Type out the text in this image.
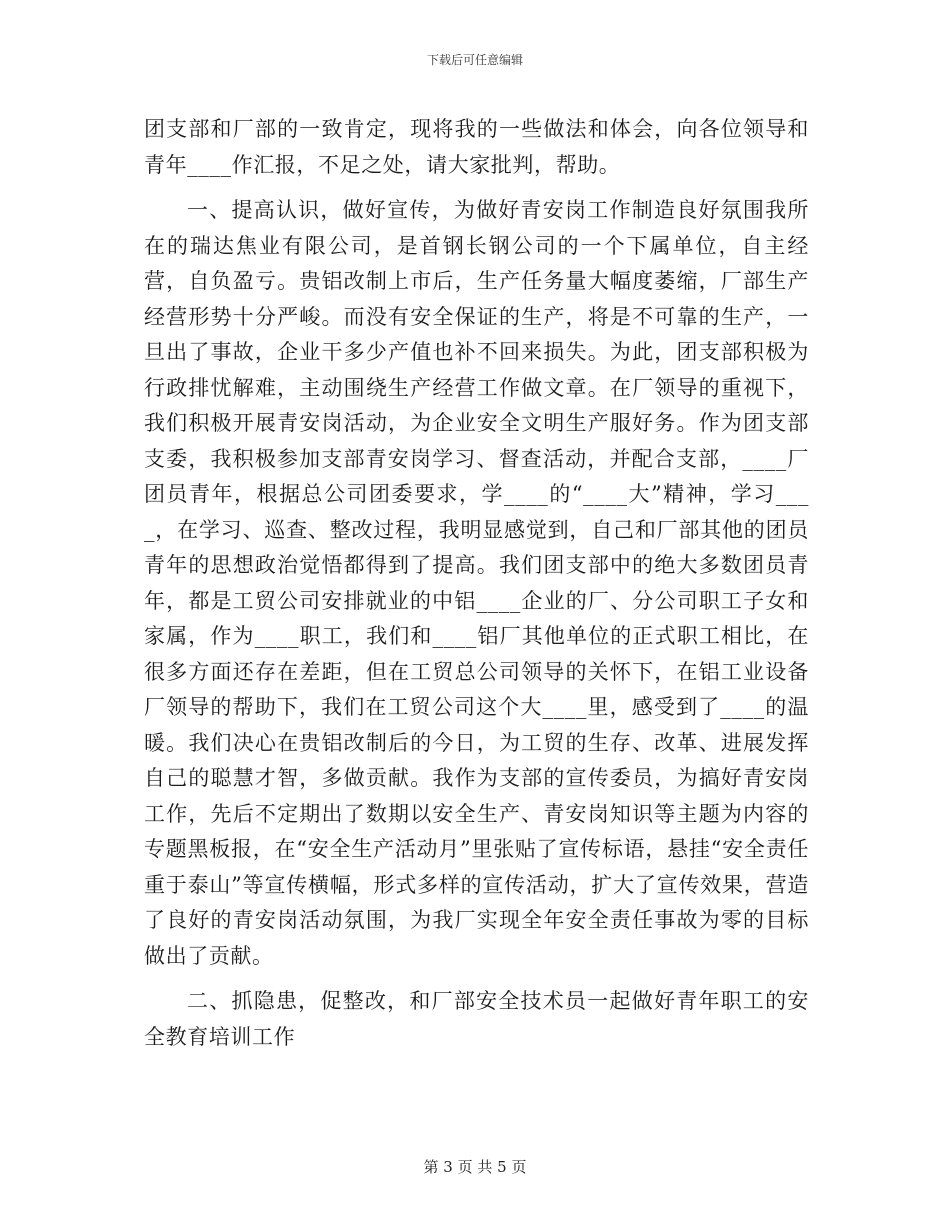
下载后可任意编辑

团支部和厂部的一致肯定，现将我的一些做法和体会，向各位领导和青年____作汇报，不足之处，请大家批判，帮助。

一、提高认识，做好宣传，为做好青安岗工作制造良好氛围我所在的瑞达焦业有限公司，是首钢长钢公司的一个下属单位，自主经营，自负盈亏。贵铝改制上市后，生产任务量大幅度萎缩，厂部生产经营形势十分严峻。而没有安全保证的生产，将是不可靠的生产，一旦出了事故，企业干多少产值也补不回来损失。为此，团支部积极为行政排忧解难，主动围绕生产经营工作做文章。在厂领导的重视下，我们积极开展青安岗活动，为企业安全文明生产服好务。作为团支部支委，我积极参加支部青安岗学习、督查活动，并配合支部，____厂团员青年，根据总公司团委要求，学____的“____大”精神，学习____，在学习、巡查、整改过程，我明显感觉到，自己和厂部其他的团员青年的思想政治觉悟都得到了提高。我们团支部中的绝大多数团员青年，都是工贸公司安排就业的中铝____企业的厂、分公司职工子女和家属，作为____职工，我们和____铝厂其他单位的正式职工相比，在很多方面还存在差距，但在工贸总公司领导的关怀下，在铝工业设备厂领导的帮助下，我们在工贸公司这个大____里，感受到了____的温暖。我们决心在贵铝改制后的今日，为工贸的生存、改革、进展发挥自己的聪慧才智，多做贡献。我作为支部的宣传委员，为搞好青安岗工作，先后不定期出了数期以安全生产、青安岗知识等主题为内容的专题黑板报，在“安全生产活动月”里张贴了宣传标语，悬挂“安全责任重于泰山”等宣传横幅，形式多样的宣传活动，扩大了宣传效果，营造了良好的青安岗活动氛围，为我厂实现全年安全责任事故为零的目标做出了贡献。

二、抓隐患，促整改，和厂部安全技术员一起做好青年职工的安全教育培训工作

第 3 页 共 5 页
